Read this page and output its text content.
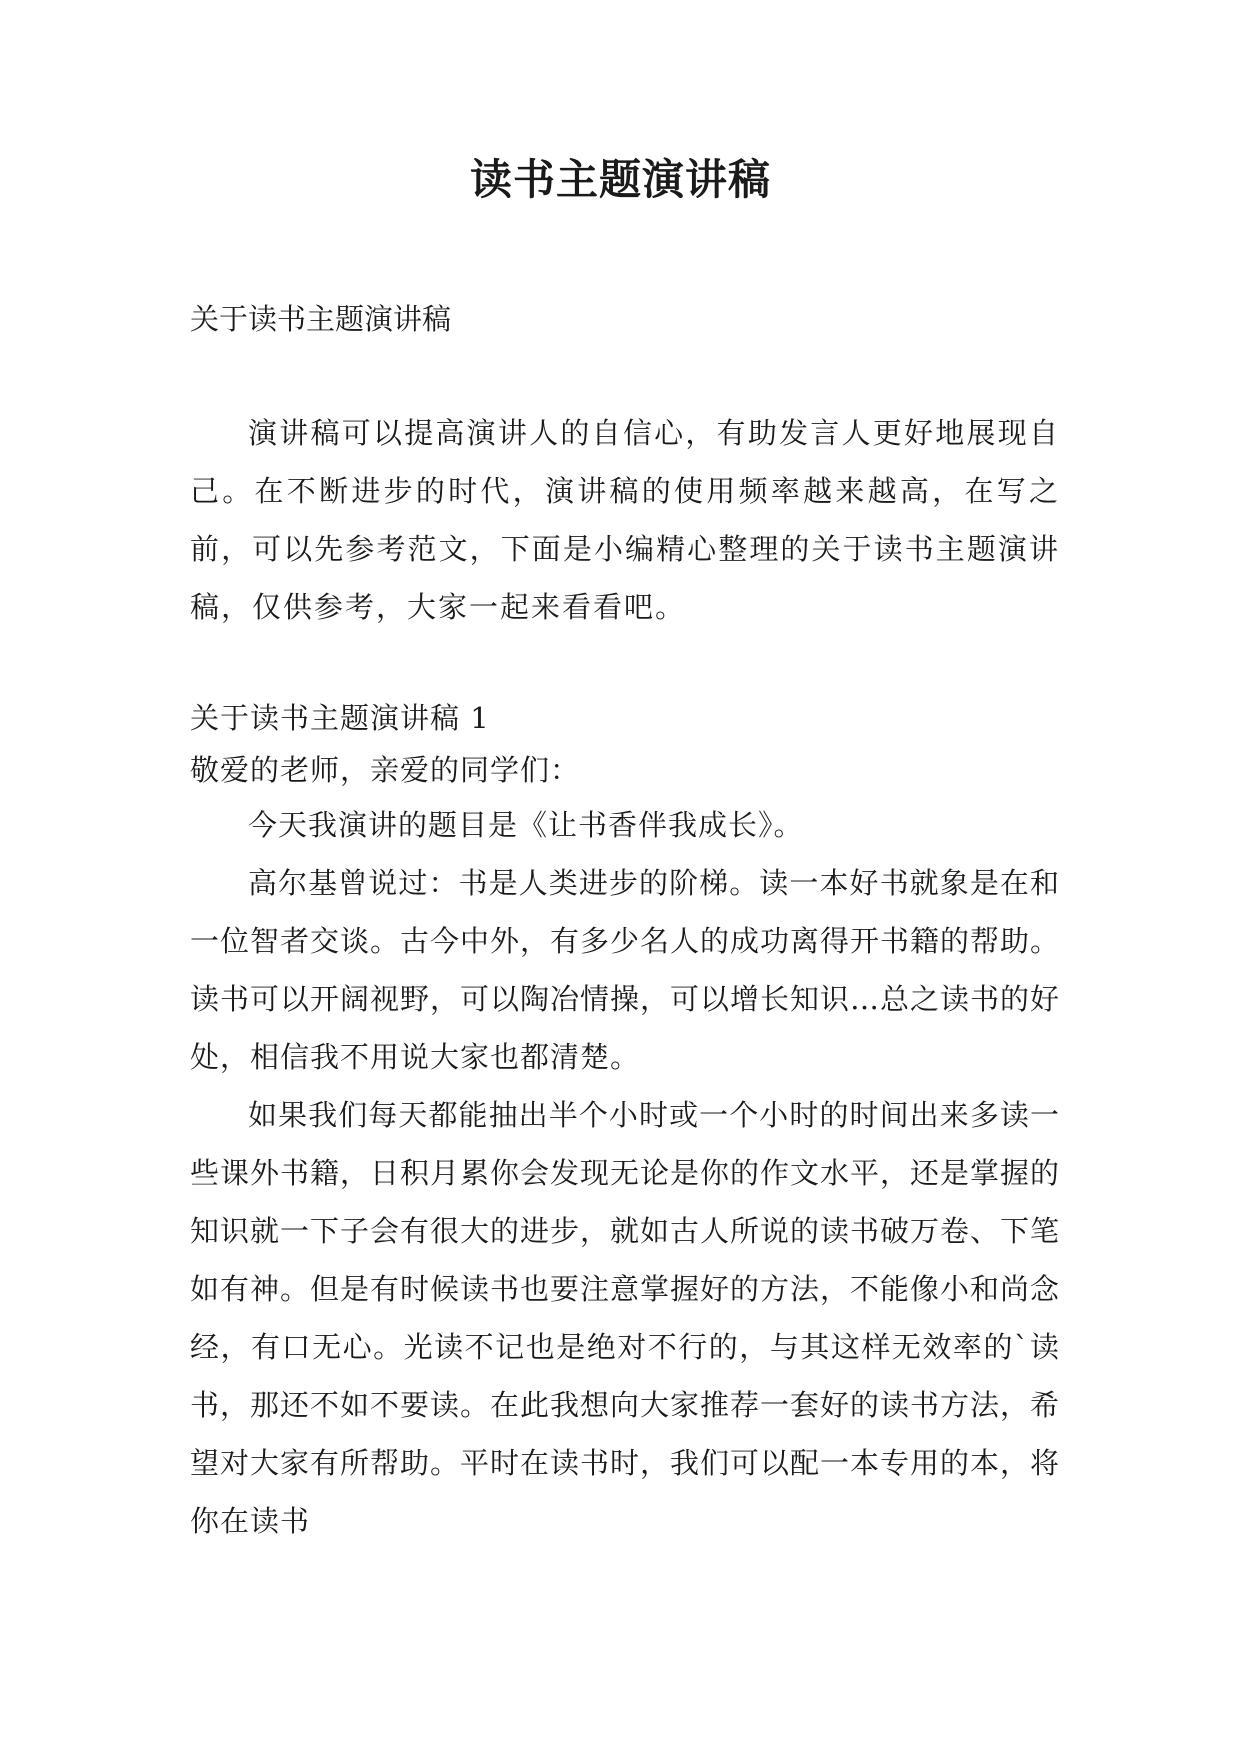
读书主题演讲稿

关于读书主题演讲稿

演讲稿可以提高演讲人的自信心，有助发言人更好地展现自己。在不断进步的时代，演讲稿的使用频率越来越高，在写之前，可以先参考范文，下面是小编精心整理的关于读书主题演讲稿，仅供参考，大家一起来看看吧。

关于读书主题演讲稿 1

敬爱的老师，亲爱的同学们：

今天我演讲的题目是《让书香伴我成长》。

高尔基曾说过：书是人类进步的阶梯。读一本好书就象是在和一位智者交谈。古今中外，有多少名人的成功离得开书籍的帮助。读书可以开阔视野，可以陶冶情操，可以增长知识…总之读书的好处，相信我不用说大家也都清楚。

如果我们每天都能抽出半个小时或一个小时的时间出来多读一些课外书籍，日积月累你会发现无论是你的作文水平，还是掌握的知识就一下子会有很大的进步，就如古人所说的读书破万卷、下笔如有神。但是有时候读书也要注意掌握好的方法，不能像小和尚念经，有口无心。光读不记也是绝对不行的，与其这样无效率的`读书，那还不如不要读。在此我想向大家推荐一套好的读书方法，希望对大家有所帮助。平时在读书时，我们可以配一本专用的本，将你在读书
